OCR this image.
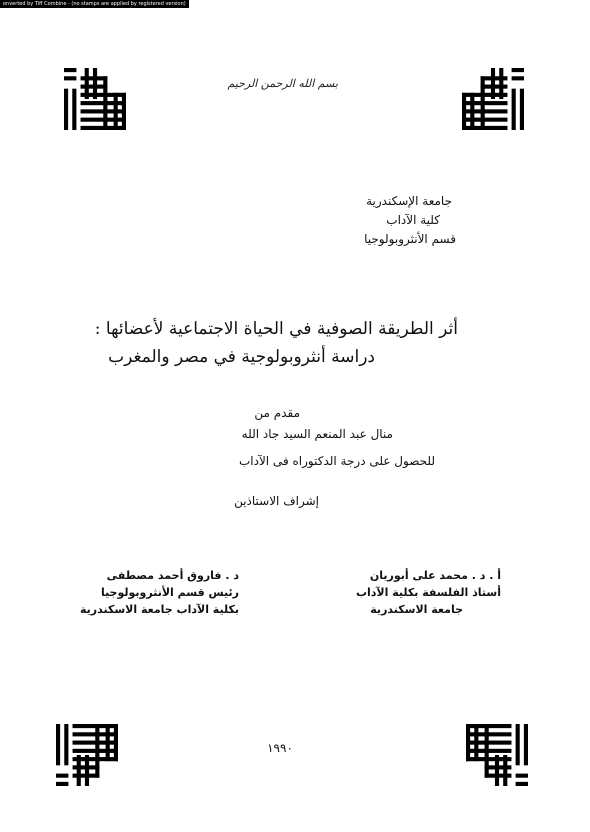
onverted by Tiff Combine - (no stamps are applied by registered version)
بسم الله الرحمن الرحيم
جامعة الإسكندرية
كلية الآداب
قسم الأنثروبولوجيا
أثر الطريقة الصوفية في الحياة الاجتماعية لأعضائها :
دراسة أنثروبولوجية في مصر والمغرب
مقدم من
منال عبد المنعم السيد جاد الله
للحصول على درجة الدكتوراه فى الآداب
إشراف الاستاذين
أ . د . محمد على أبوريان
أستاذ الفلسفة بكلية الآداب
جامعة الاسكندرية
د . فاروق أحمد مصطفى
رئيس قسم الأنثروبولوجيا
بكلية الآداب جامعة الاسكندرية
١٩٩٠
